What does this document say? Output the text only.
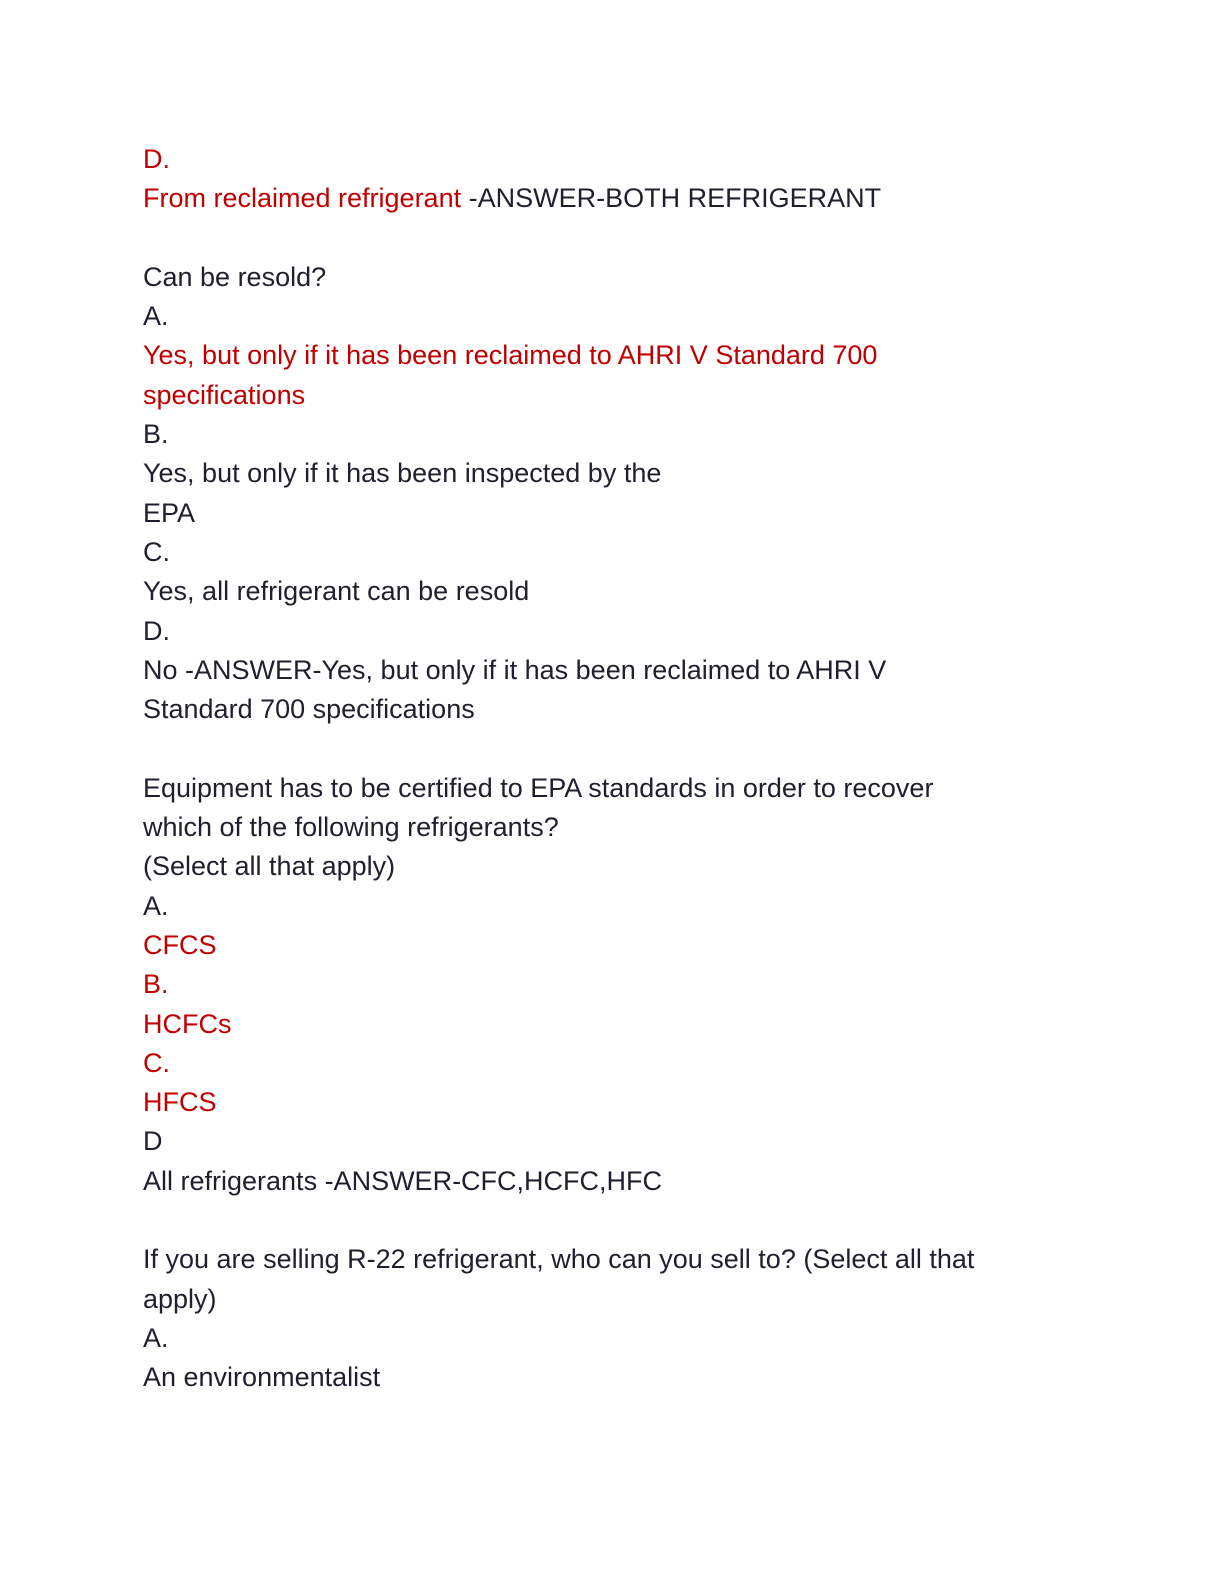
D.
From reclaimed refrigerant -ANSWER-BOTH REFRIGERANT
Can be resold?
A.
Yes, but only if it has been reclaimed to AHRI V Standard 700
specifications
B.
Yes, but only if it has been inspected by the
EPA
C.
Yes, all refrigerant can be resold
D.
No -ANSWER-Yes, but only if it has been reclaimed to AHRI V
Standard 700 specifications
Equipment has to be certified to EPA standards in order to recover
which of the following refrigerants?
(Select all that apply)
A.
CFCS
B.
HCFCs
C.
HFCS
D
All refrigerants -ANSWER-CFC,HCFC,HFC
If you are selling R-22 refrigerant, who can you sell to? (Select all that
apply)
A.
An environmentalist
